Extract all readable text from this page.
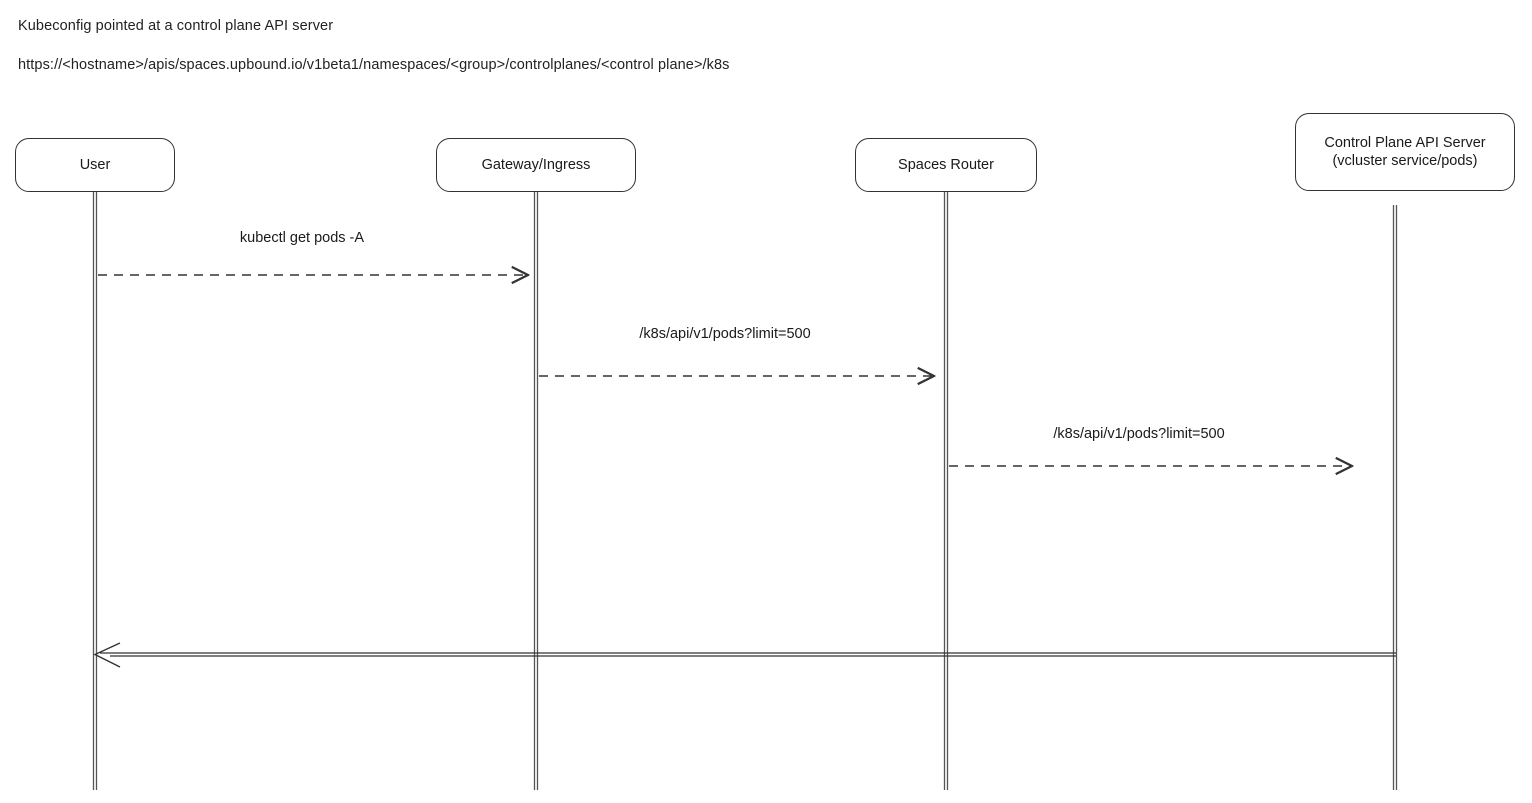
Kubeconfig pointed at a control plane API server
https://<hostname>/apis/spaces.upbound.io/v1beta1/namespaces/<group>/controlplanes/<control plane>/k8s
User	Gateway/Ingress	Spaces Router
Control Plane API Server
(vcluster service/pods)
kubectl get pods -A
/k8s/api/v1/pods?limit=500
/k8s/api/v1/pods?limit=500
